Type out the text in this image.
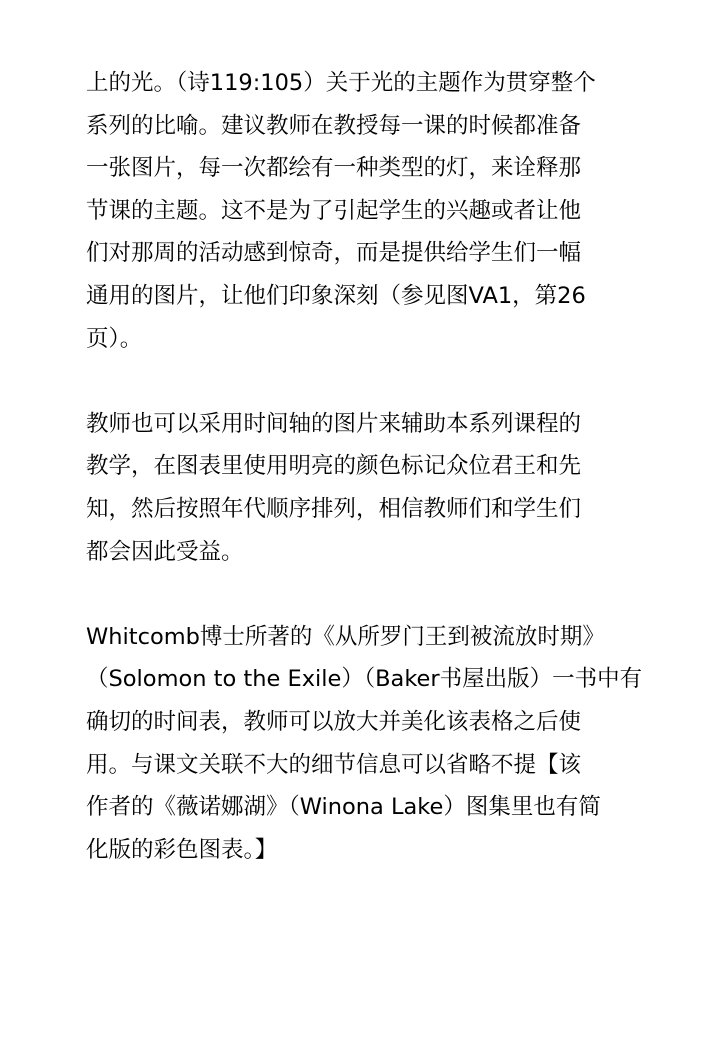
上的光。（诗119:105）关于光的主题作为贯穿整个
系列的比喻。建议教师在教授每一课的时候都准备
一张图片，每一次都绘有一种类型的灯，来诠释那
节课的主题。这不是为了引起学生的兴趣或者让他
们对那周的活动感到惊奇，而是提供给学生们一幅
通用的图片，让他们印象深刻（参见图VA1，第26
页）。
教师也可以采用时间轴的图片来辅助本系列课程的
教学，在图表里使用明亮的颜色标记众位君王和先
知，然后按照年代顺序排列，相信教师们和学生们
都会因此受益。
Whitcomb博士所著的《从所罗门王到被流放时期》
（Solomon to the Exile）（Baker书屋出版）一书中有
确切的时间表，教师可以放大并美化该表格之后使
用。与课文关联不大的细节信息可以省略不提【该
作者的《薇诺娜湖》（Winona Lake）图集里也有简
化版的彩色图表。】
